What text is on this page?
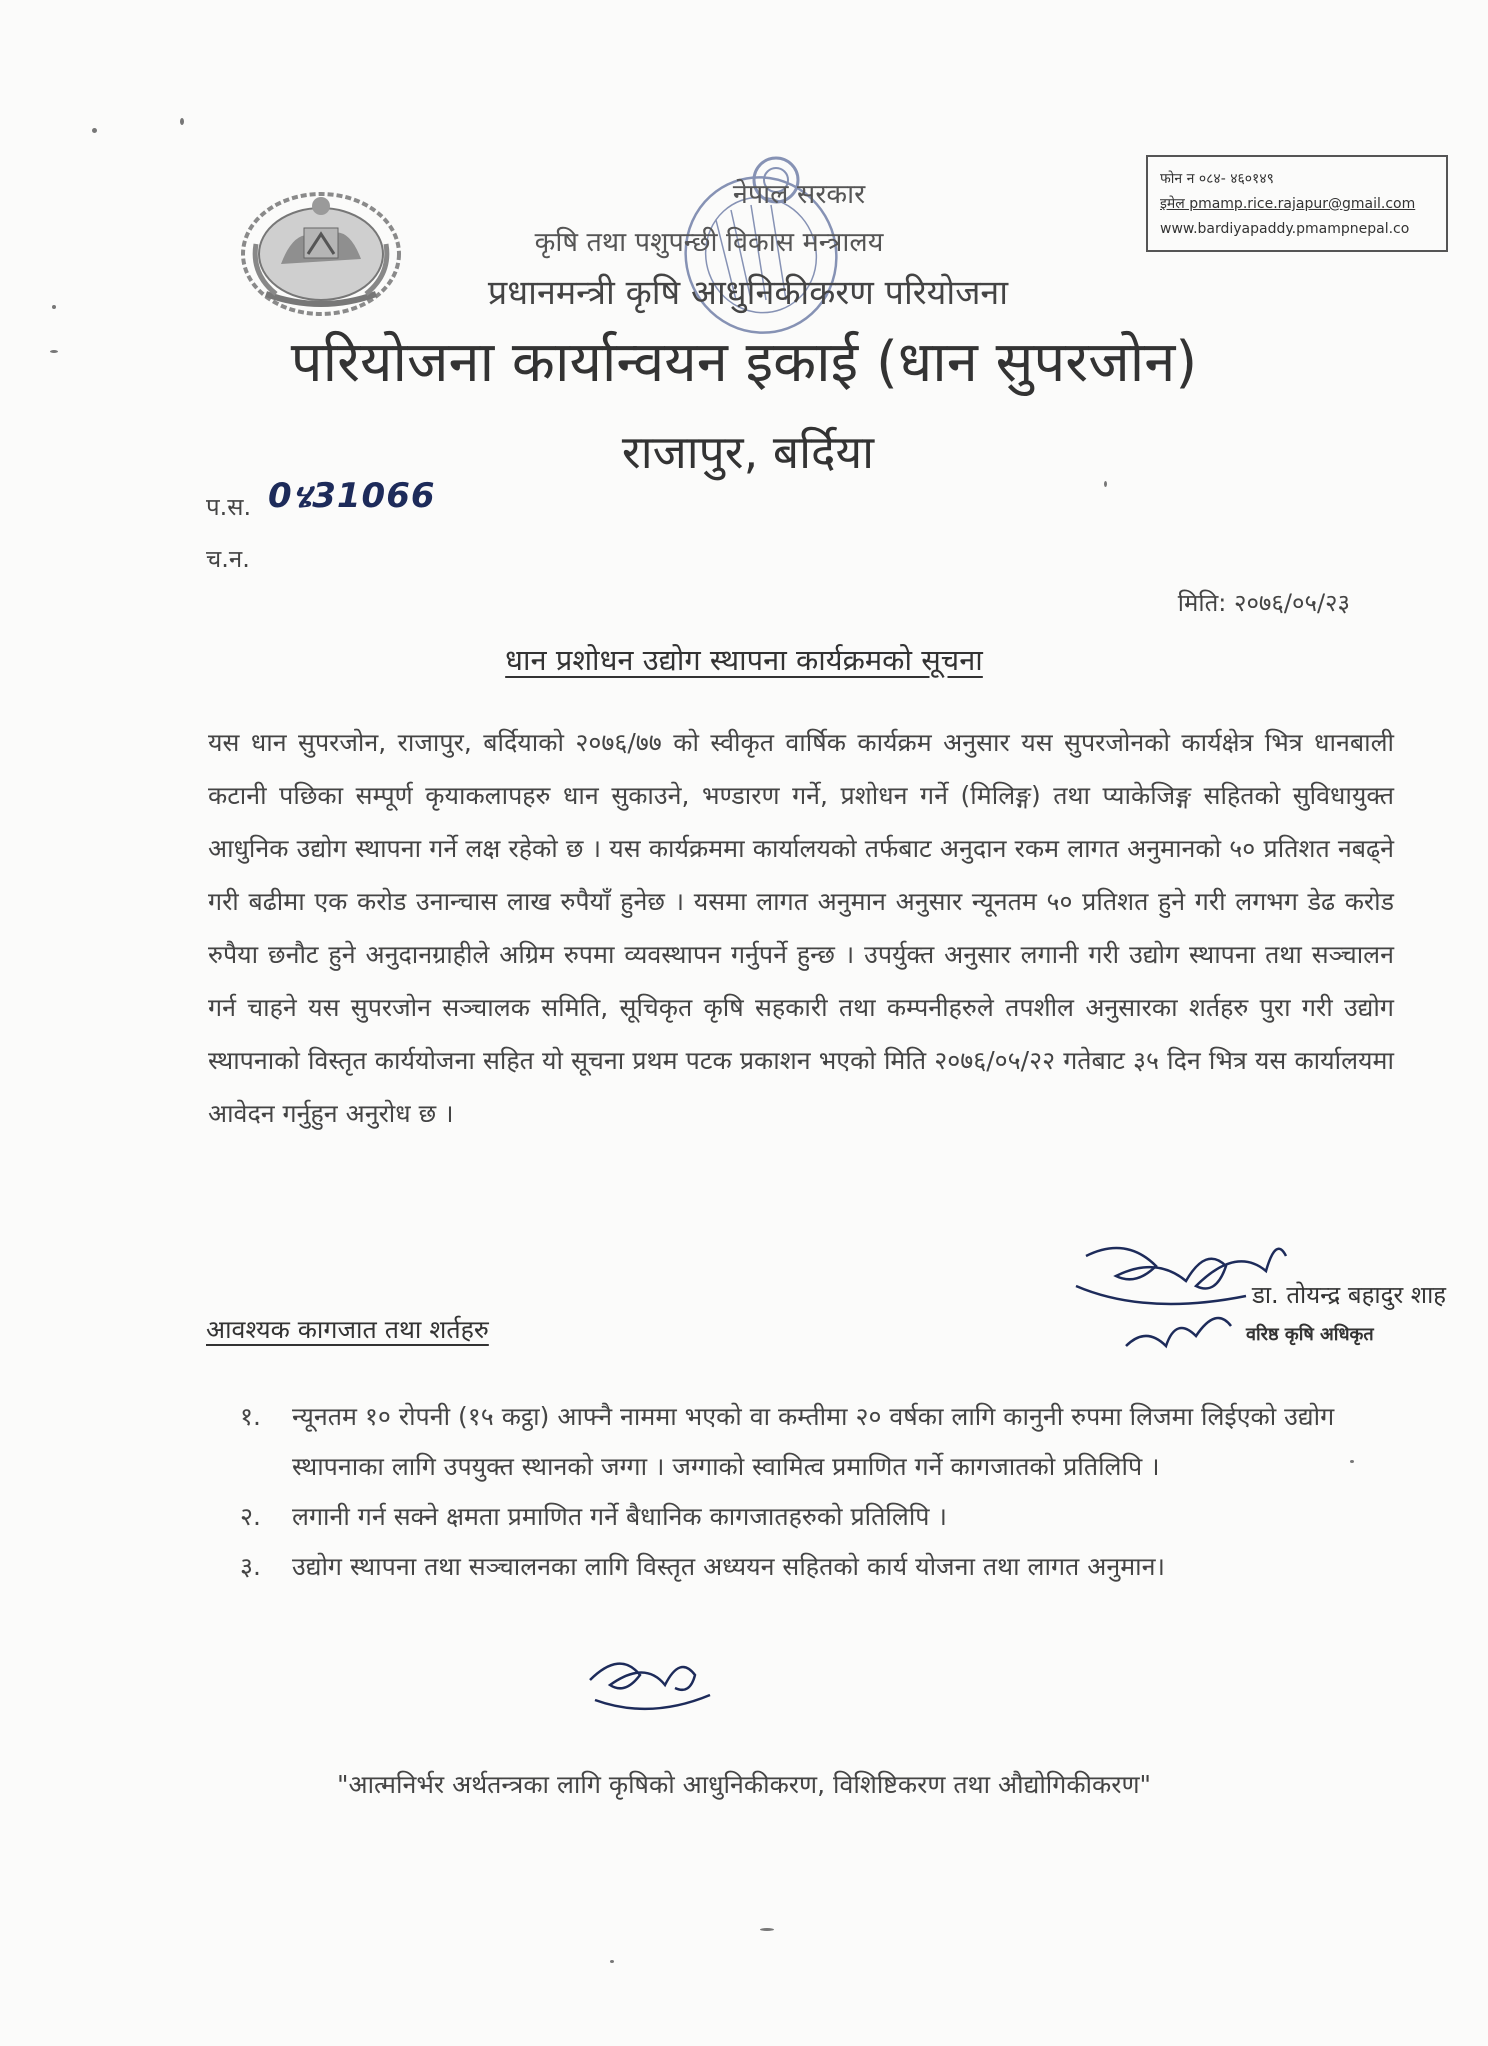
नेपाल सरकार
कृषि तथा पशुपन्छी विकास मन्त्रालय
प्रधानमन्त्री कृषि आधुनिकीकरण परियोजना
परियोजना कार्यान्वयन इकाई (धान सुपरजोन)
राजापुर, बर्दिया
फोन न ०८४- ४६०१४९
इमेल pmamp.rice.rajapur@gmail.com
www.bardiyapaddy.pmampnepal.co
प.स. 0ሄ31066
च.न.
मिति: २०७६/०५/२३
धान प्रशोधन उद्योग स्थापना कार्यक्रमको सूचना
यस धान सुपरजोन, राजापुर, बर्दियाको २०७६/७७ को स्वीकृत वार्षिक कार्यक्रम अनुसार यस सुपरजोनको कार्यक्षेत्र भित्र धानबाली कटानी पछिका सम्पूर्ण कृयाकलापहरु धान सुकाउने, भण्डारण गर्ने, प्रशोधन गर्ने (मिलिङ्ग) तथा प्याकेजिङ्ग सहितको सुविधायुक्त आधुनिक उद्योग स्थापना गर्ने लक्ष रहेको छ । यस कार्यक्रममा कार्यालयको तर्फबाट अनुदान रकम लागत अनुमानको ५० प्रतिशत नबढ्ने गरी बढीमा एक करोड उनान्चास लाख रुपैयाँ हुनेछ । यसमा लागत अनुमान अनुसार न्यूनतम ५० प्रतिशत हुने गरी लगभग डेढ करोड रुपैया छनौट हुने अनुदानग्राहीले अग्रिम रुपमा व्यवस्थापन गर्नुपर्ने हुन्छ । उपर्युक्त अनुसार लगानी गरी उद्योग स्थापना तथा सञ्चालन गर्न चाहने यस सुपरजोन सञ्चालक समिति, सूचिकृत कृषि सहकारी तथा कम्पनीहरुले तपशील अनुसारका शर्तहरु पुरा गरी उद्योग स्थापनाको विस्तृत कार्ययोजना सहित यो सूचना प्रथम पटक प्रकाशन भएको मिति २०७६/०५/२२ गतेबाट ३५ दिन भित्र यस कार्यालयमा आवेदन गर्नुहुन अनुरोध छ ।
डा. तोयन्द्र बहादुर शाह
वरिष्ठ कृषि अधिकृत
आवश्यक कागजात तथा शर्तहरु
१. न्यूनतम १० रोपनी (१५ कट्ठा) आफ्नै नाममा भएको वा कम्तीमा २० वर्षका लागि कानुनी रुपमा लिजमा लिईएको उद्योग स्थापनाका लागि उपयुक्त स्थानको जग्गा । जग्गाको स्वामित्व प्रमाणित गर्ने कागजातको प्रतिलिपि ।
२. लगानी गर्न सक्ने क्षमता प्रमाणित गर्ने बैधानिक कागजातहरुको प्रतिलिपि ।
३. उद्योग स्थापना तथा सञ्चालनका लागि विस्तृत अध्ययन सहितको कार्य योजना तथा लागत अनुमान।
"आत्मनिर्भर अर्थतन्त्रका लागि कृषिको आधुनिकीकरण, विशिष्टिकरण तथा औद्योगिकीकरण"
